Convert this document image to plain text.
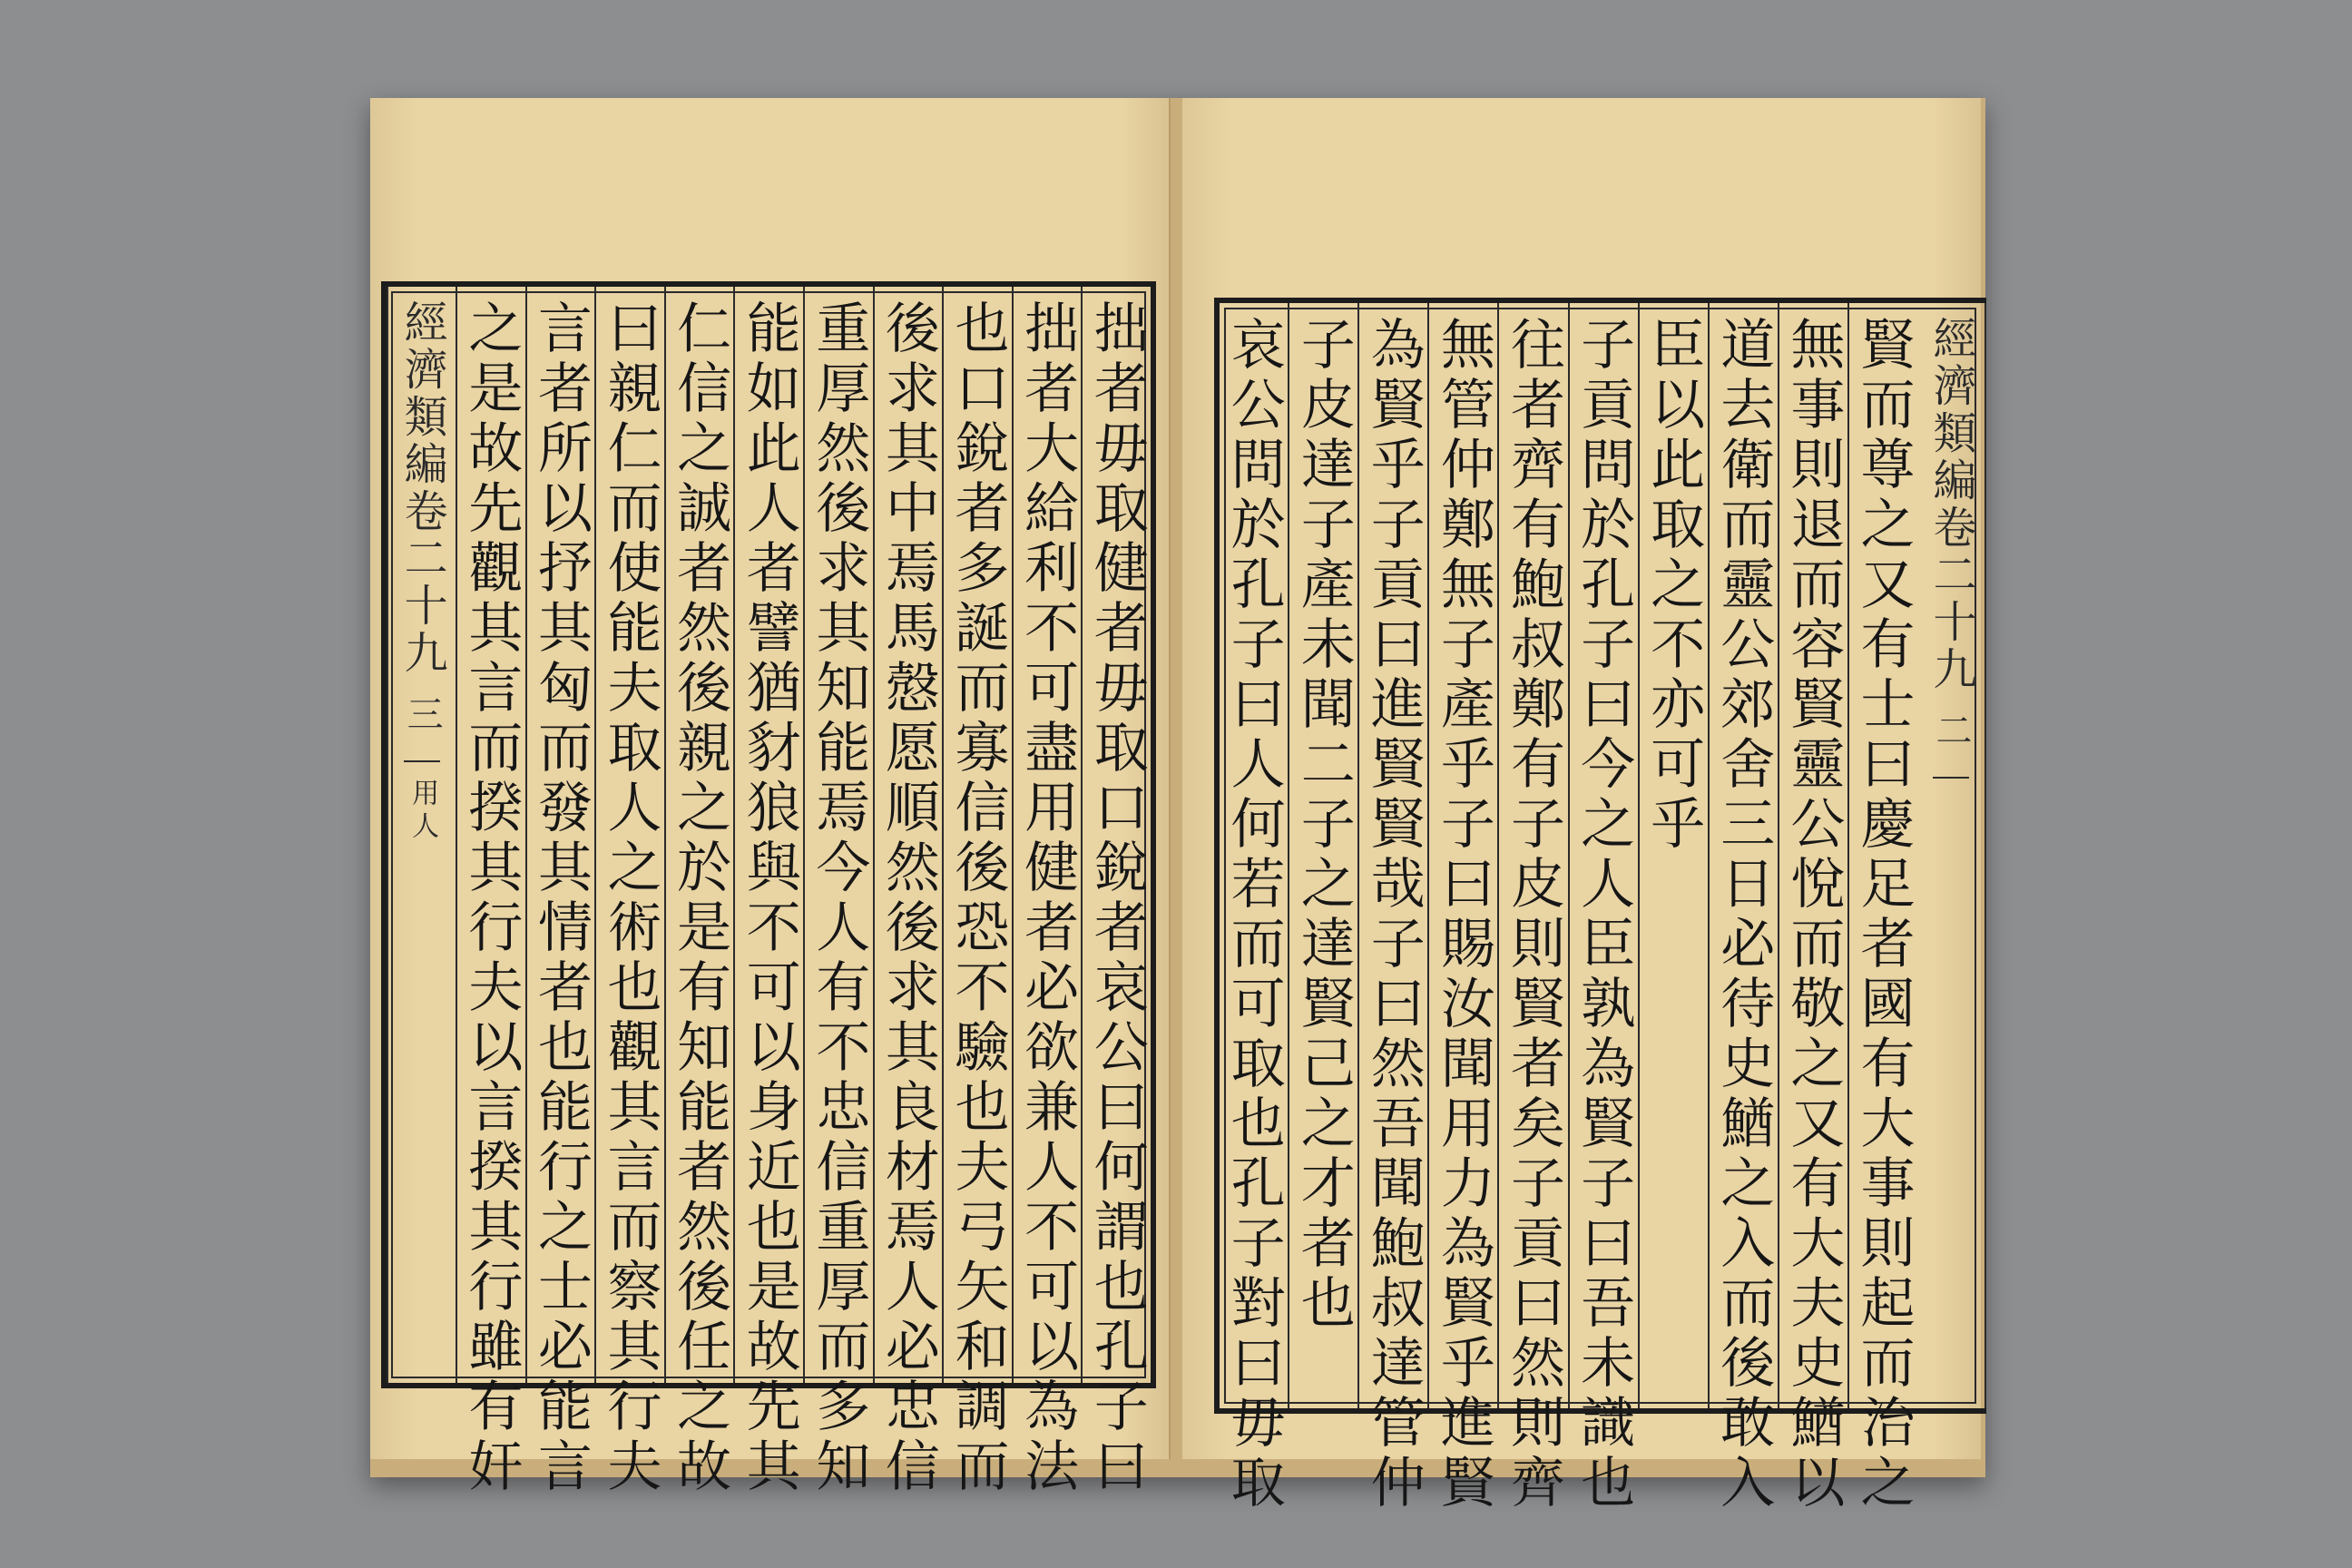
拙者毋取健者毋取口銳者哀公曰何謂也孔子曰
拙者大給利不可盡用健者必欲兼人不可以為法
也口銳者多誕而寡信後恐不驗也夫弓矢和調而
後求其中焉馬慤愿順然後求其良材焉人必忠信
重厚然後求其知能焉今人有不忠信重厚而多知
能如此人者譬猶豺狼與不可以身近也是故先其
仁信之誠者然後親之於是有知能者然後任之故
曰親仁而使能夫取人之術也觀其言而察其行夫
言者所以抒其匈而發其情者也能行之士必能言
之是故先觀其言而揆其行夫以言揆其行雖有奸
經濟類編卷二十九
三
用人
經濟類編卷二十九
二
賢而尊之又有士曰慶足者國有大事則起而治之
無事則退而容賢靈公悅而敬之又有大夫史鰌以
道去衛而靈公郊舍三日必待史鰌之入而後敢入
臣以此取之不亦可乎
子貢問於孔子曰今之人臣孰為賢子曰吾未識也
往者齊有鮑叔鄭有子皮則賢者矣子貢曰然則齊
無管仲鄭無子產乎子曰賜汝聞用力為賢乎進賢
為賢乎子貢曰進賢賢哉子曰然吾聞鮑叔達管仲
子皮達子產未聞二子之達賢己之才者也
哀公問於孔子曰人何若而可取也孔子對曰毋取
